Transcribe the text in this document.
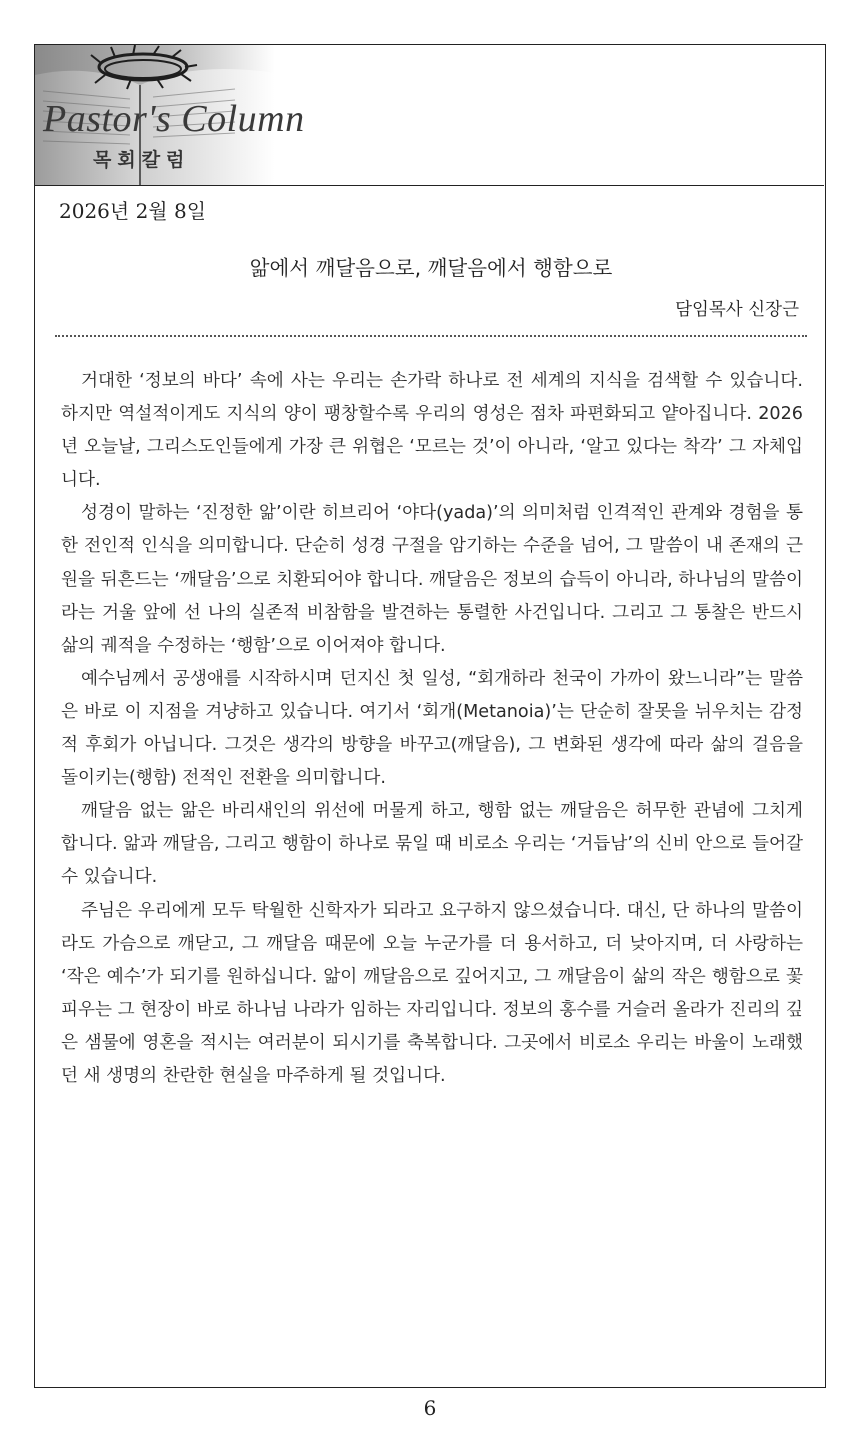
Pastor's Column
목회칼럼
2026년 2월 8일
앎에서 깨달음으로, 깨달음에서 행함으로
담임목사 신장근

거대한 ‘정보의 바다’ 속에 사는 우리는 손가락 하나로 전 세계의 지식을 검색할 수 있습니다. 하지만 역설적이게도 지식의 양이 팽창할수록 우리의 영성은 점차 파편화되고 얕아집니다. 2026년 오늘날, 그리스도인들에게 가장 큰 위협은 ‘모르는 것’이 아니라, ‘알고 있다는 착각’ 그 자체입니다.

성경이 말하는 ‘진정한 앎’이란 히브리어 ‘야다(yada)’의 의미처럼 인격적인 관계와 경험을 통한 전인적 인식을 의미합니다. 단순히 성경 구절을 암기하는 수준을 넘어, 그 말씀이 내 존재의 근원을 뒤흔드는 ‘깨달음’으로 치환되어야 합니다. 깨달음은 정보의 습득이 아니라, 하나님의 말씀이라는 거울 앞에 선 나의 실존적 비참함을 발견하는 통렬한 사건입니다. 그리고 그 통찰은 반드시 삶의 궤적을 수정하는 ‘행함’으로 이어져야 합니다.

예수님께서 공생애를 시작하시며 던지신 첫 일성, “회개하라 천국이 가까이 왔느니라”는 말씀은 바로 이 지점을 겨냥하고 있습니다. 여기서 ‘회개(Metanoia)’는 단순히 잘못을 뉘우치는 감정적 후회가 아닙니다. 그것은 생각의 방향을 바꾸고(깨달음), 그 변화된 생각에 따라 삶의 걸음을 돌이키는(행함) 전적인 전환을 의미합니다.

깨달음 없는 앎은 바리새인의 위선에 머물게 하고, 행함 없는 깨달음은 허무한 관념에 그치게 합니다. 앎과 깨달음, 그리고 행함이 하나로 묶일 때 비로소 우리는 ‘거듭남’의 신비 안으로 들어갈 수 있습니다.

주님은 우리에게 모두 탁월한 신학자가 되라고 요구하지 않으셨습니다. 대신, 단 하나의 말씀이라도 가슴으로 깨닫고, 그 깨달음 때문에 오늘 누군가를 더 용서하고, 더 낮아지며, 더 사랑하는 ‘작은 예수’가 되기를 원하십니다. 앎이 깨달음으로 깊어지고, 그 깨달음이 삶의 작은 행함으로 꽃피우는 그 현장이 바로 하나님 나라가 임하는 자리입니다. 정보의 홍수를 거슬러 올라가 진리의 깊은 샘물에 영혼을 적시는 여러분이 되시기를 축복합니다. 그곳에서 비로소 우리는 바울이 노래했던 새 생명의 찬란한 현실을 마주하게 될 것입니다.

6
